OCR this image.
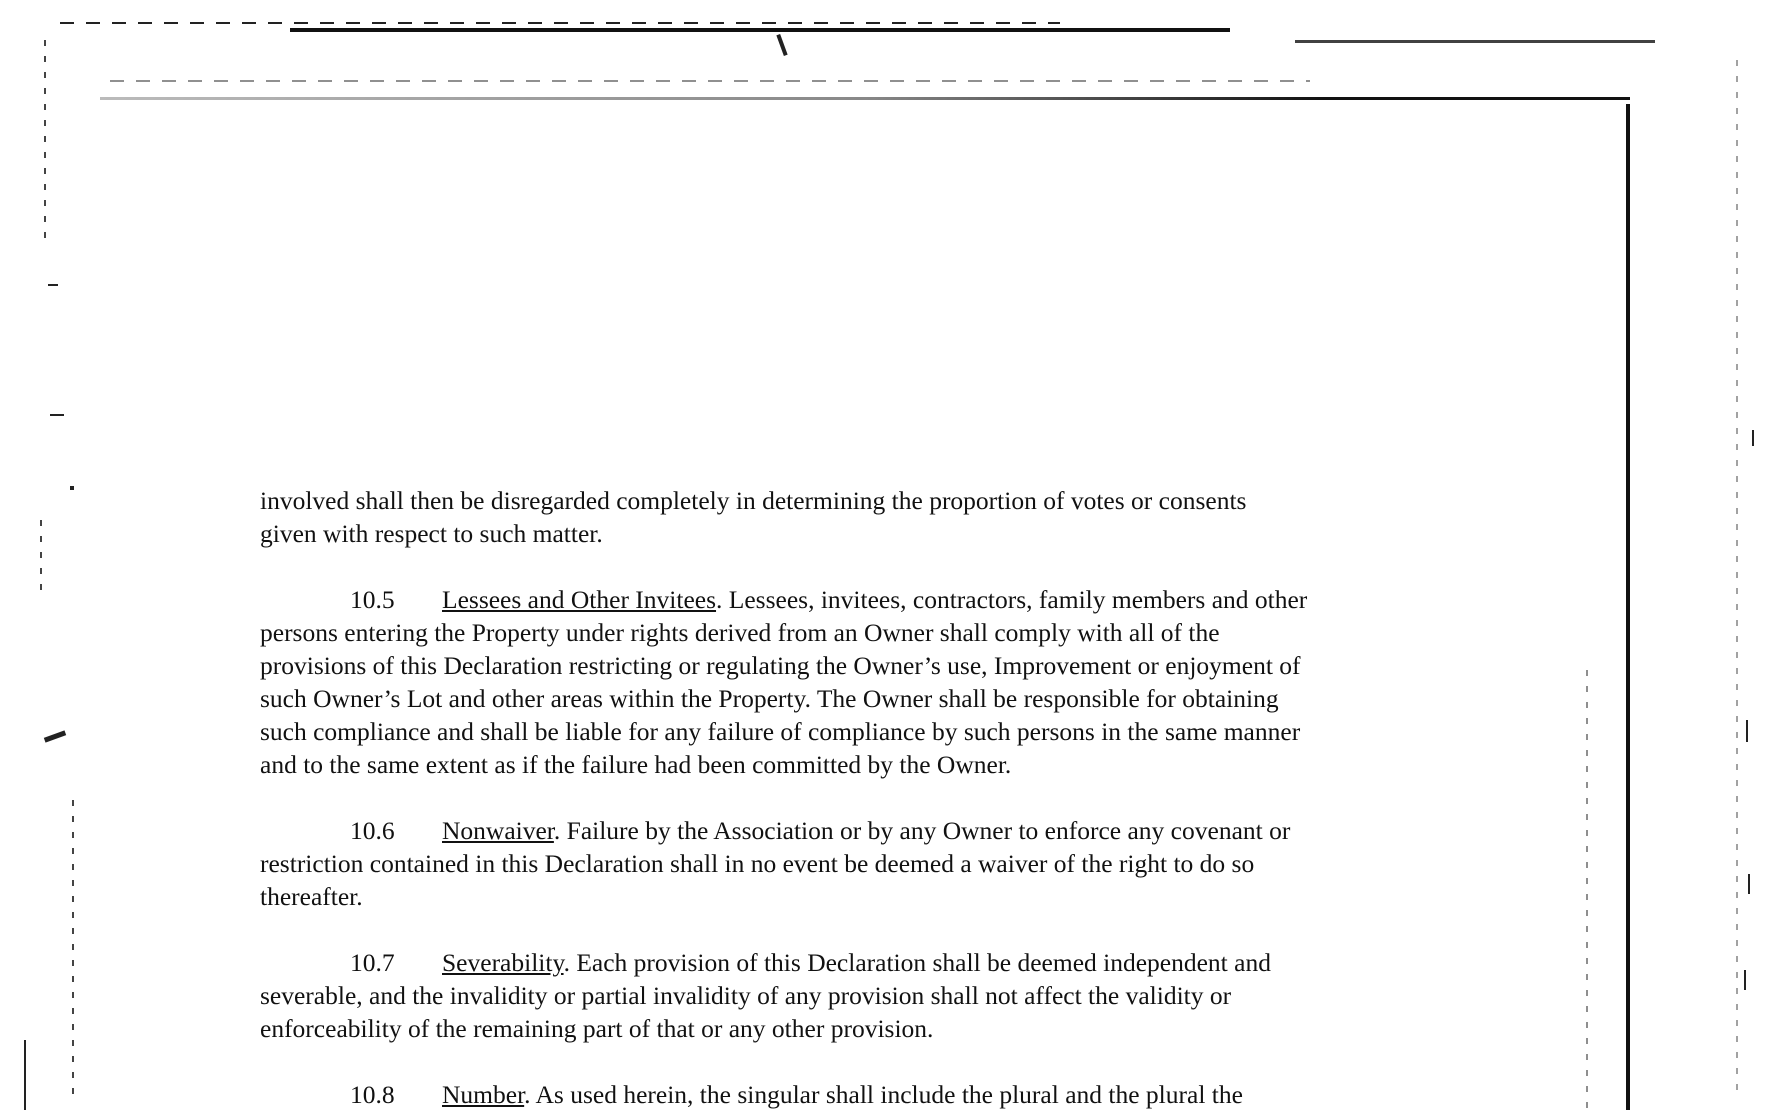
involved shall then be disregarded completely in determining the proportion of votes or consents
given with respect to such matter.
10.5 Lessees and Other Invitees. Lessees, invitees, contractors, family members and other
persons entering the Property under rights derived from an Owner shall comply with all of the
provisions of this Declaration restricting or regulating the Owner’s use, Improvement or enjoyment of
such Owner’s Lot and other areas within the Property. The Owner shall be responsible for obtaining
such compliance and shall be liable for any failure of compliance by such persons in the same manner
and to the same extent as if the failure had been committed by the Owner.
10.6 Nonwaiver. Failure by the Association or by any Owner to enforce any covenant or
restriction contained in this Declaration shall in no event be deemed a waiver of the right to do so
thereafter.
10.7 Severability. Each provision of this Declaration shall be deemed independent and
severable, and the invalidity or partial invalidity of any provision shall not affect the validity or
enforceability of the remaining part of that or any other provision.
10.8 Number. As used herein, the singular shall include the plural and the plural the
